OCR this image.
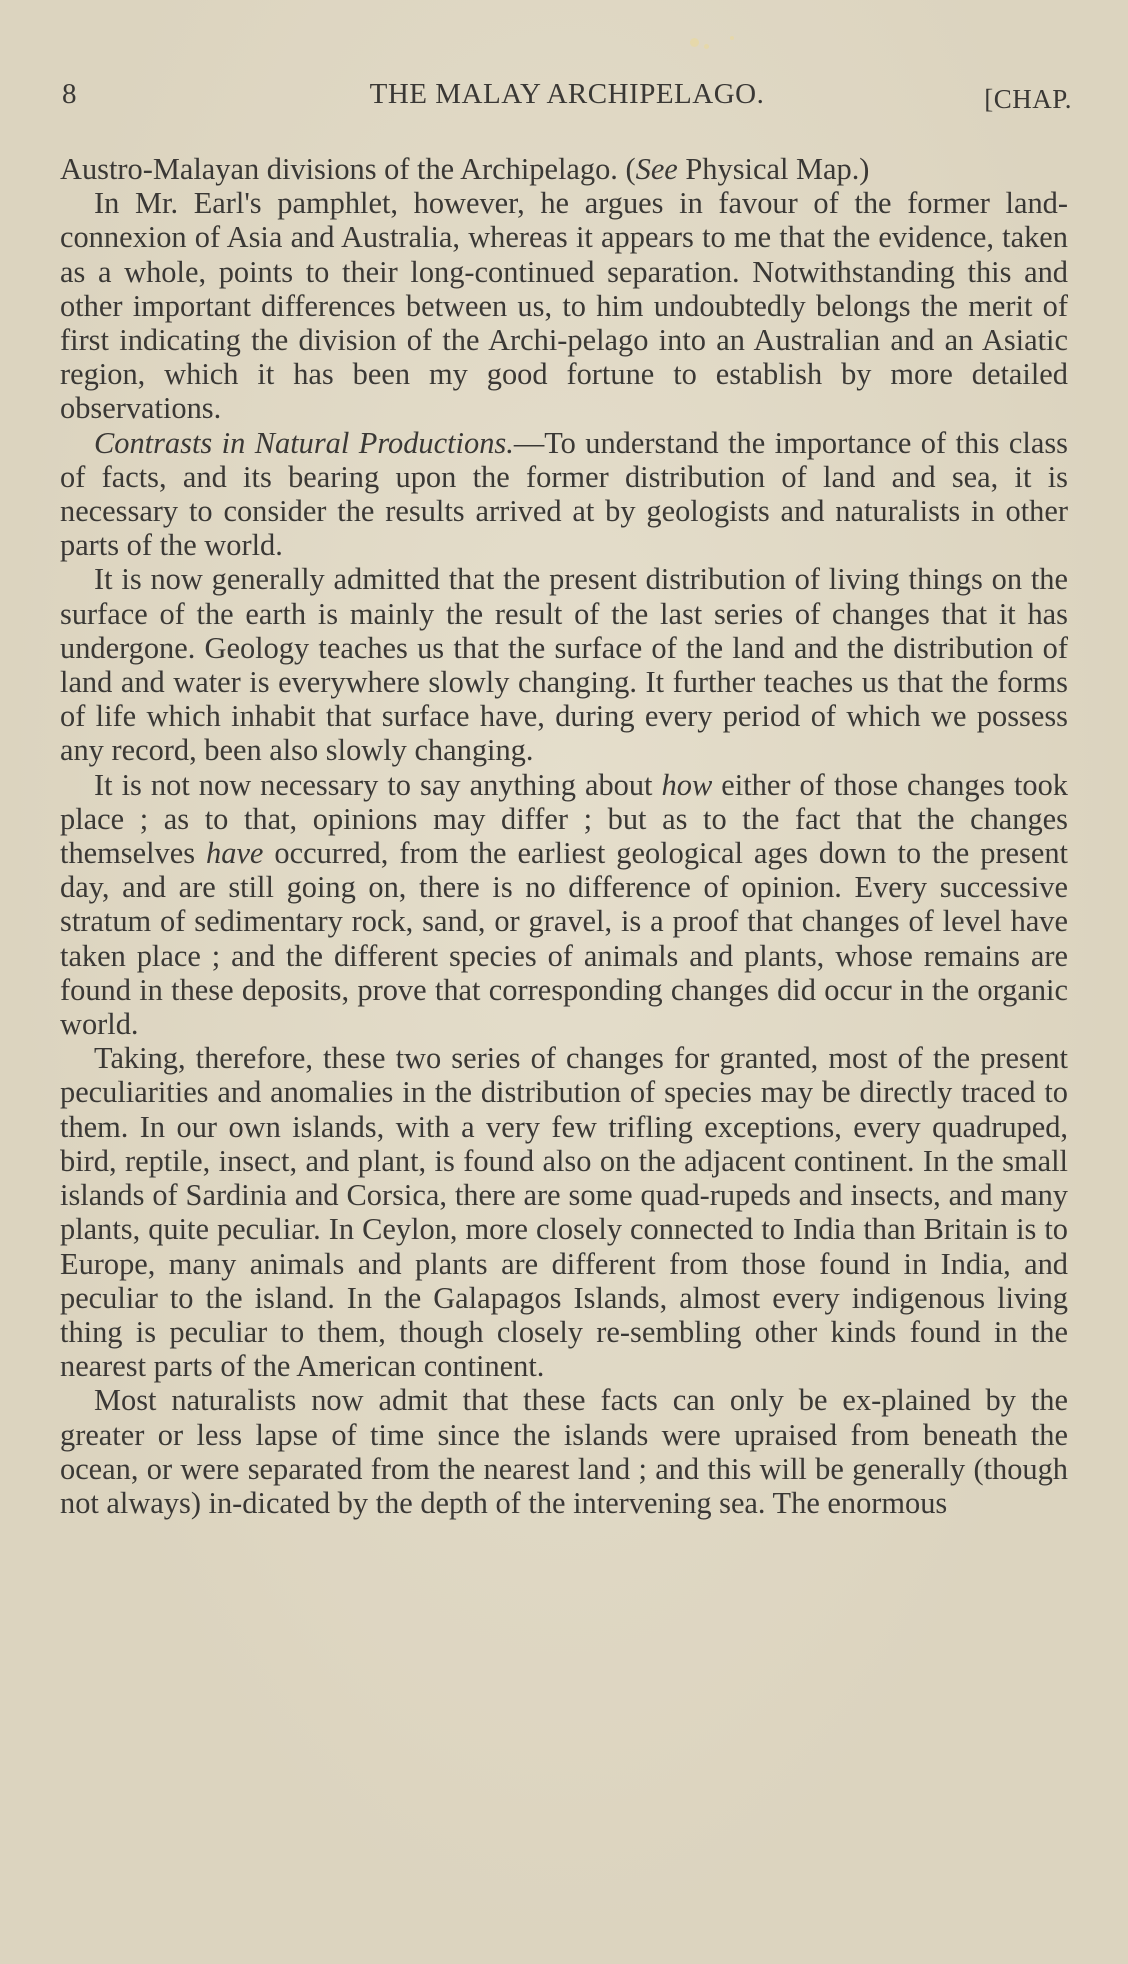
8	THE MALAY ARCHIPELAGO.	[CHAP.

Austro-Malayan divisions of the Archipelago. (See Physical Map.)

In Mr. Earl's pamphlet, however, he argues in favour of the former land-connexion of Asia and Australia, whereas it appears to me that the evidence, taken as a whole, points to their long-continued separation. Notwithstanding this and other important differences between us, to him undoubtedly belongs the merit of first indicating the division of the Archi-pelago into an Australian and an Asiatic region, which it has been my good fortune to establish by more detailed observations.

Contrasts in Natural Productions.—To understand the importance of this class of facts, and its bearing upon the former distribution of land and sea, it is necessary to consider the results arrived at by geologists and naturalists in other parts of the world.

It is now generally admitted that the present distribution of living things on the surface of the earth is mainly the result of the last series of changes that it has undergone. Geology teaches us that the surface of the land and the distribution of land and water is everywhere slowly changing. It further teaches us that the forms of life which inhabit that surface have, during every period of which we possess any record, been also slowly changing.

It is not now necessary to say anything about how either of those changes took place ; as to that, opinions may differ ; but as to the fact that the changes themselves have occurred, from the earliest geological ages down to the present day, and are still going on, there is no difference of opinion. Every successive stratum of sedimentary rock, sand, or gravel, is a proof that changes of level have taken place ; and the different species of animals and plants, whose remains are found in these deposits, prove that corresponding changes did occur in the organic world.

Taking, therefore, these two series of changes for granted, most of the present peculiarities and anomalies in the distribution of species may be directly traced to them. In our own islands, with a very few trifling exceptions, every quadruped, bird, reptile, insect, and plant, is found also on the adjacent continent. In the small islands of Sardinia and Corsica, there are some quad-rupeds and insects, and many plants, quite peculiar. In Ceylon, more closely connected to India than Britain is to Europe, many animals and plants are different from those found in India, and peculiar to the island. In the Galapagos Islands, almost every indigenous living thing is peculiar to them, though closely re-sembling other kinds found in the nearest parts of the American continent.

Most naturalists now admit that these facts can only be ex-plained by the greater or less lapse of time since the islands were upraised from beneath the ocean, or were separated from the nearest land ; and this will be generally (though not always) in-dicated by the depth of the intervening sea. The enormous
